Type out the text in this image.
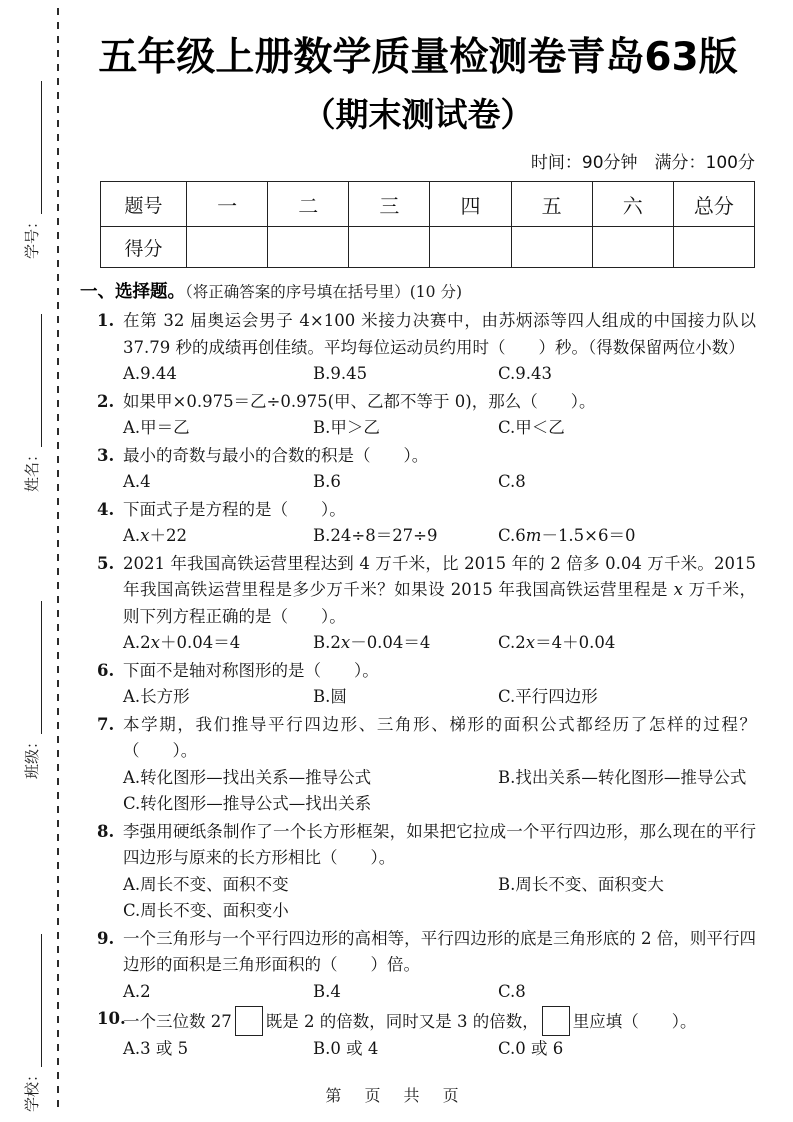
学号：
姓名：
班级：
学校：
五年级上册数学质量检测卷青岛63版
（期末测试卷）
时间：90分钟　满分：100分
题号	一	二	三	四	五	六	总分
得分							
一、选择题。（将正确答案的序号填在括号里）(10 分)
1. 在第 32 届奥运会男子 4×100 米接力决赛中，由苏炳添等四人组成的中国接力队以 37.79 秒的成绩再创佳绩。平均每位运动员约用时（　　）秒。（得数保留两位小数）
A.9.44	B.9.45	C.9.43
2. 如果甲×0.975＝乙÷0.975(甲、乙都不等于 0)，那么（　　）。
A.甲＝乙	B.甲＞乙	C.甲＜乙
3. 最小的奇数与最小的合数的积是（　　）。
A.4	B.6	C.8
4. 下面式子是方程的是（　　）。
A.x＋22	B.24÷8＝27÷9	C.6m－1.5×6＝0
5. 2021 年我国高铁运营里程达到 4 万千米，比 2015 年的 2 倍多 0.04 万千米。2015 年我国高铁运营里程是多少万千米？如果设 2015 年我国高铁运营里程是 x 万千米，则下列方程正确的是（　　）。
A.2x＋0.04＝4	B.2x－0.04＝4	C.2x＝4＋0.04
6. 下面不是轴对称图形的是（　　）。
A.长方形	B.圆	C.平行四边形
7. 本学期，我们推导平行四边形、三角形、梯形的面积公式都经历了怎样的过程？（　　）。
A.转化图形—找出关系—推导公式	B.找出关系—转化图形—推导公式
C.转化图形—推导公式—找出关系
8. 李强用硬纸条制作了一个长方形框架，如果把它拉成一个平行四边形，那么现在的平行四边形与原来的长方形相比（　　）。
A.周长不变、面积不变	B.周长不变、面积变大
C.周长不变、面积变小
9. 一个三角形与一个平行四边形的高相等，平行四边形的底是三角形底的 2 倍，则平行四边形的面积是三角形面积的（　　）倍。
A.2	B.4	C.8
10.
一个三位数 27 既是 2 的倍数，同时又是 3 的倍数， 里应填（　　）。
A.3 或 5	B.0 或 4	C.0 或 6
第 页 共 页
